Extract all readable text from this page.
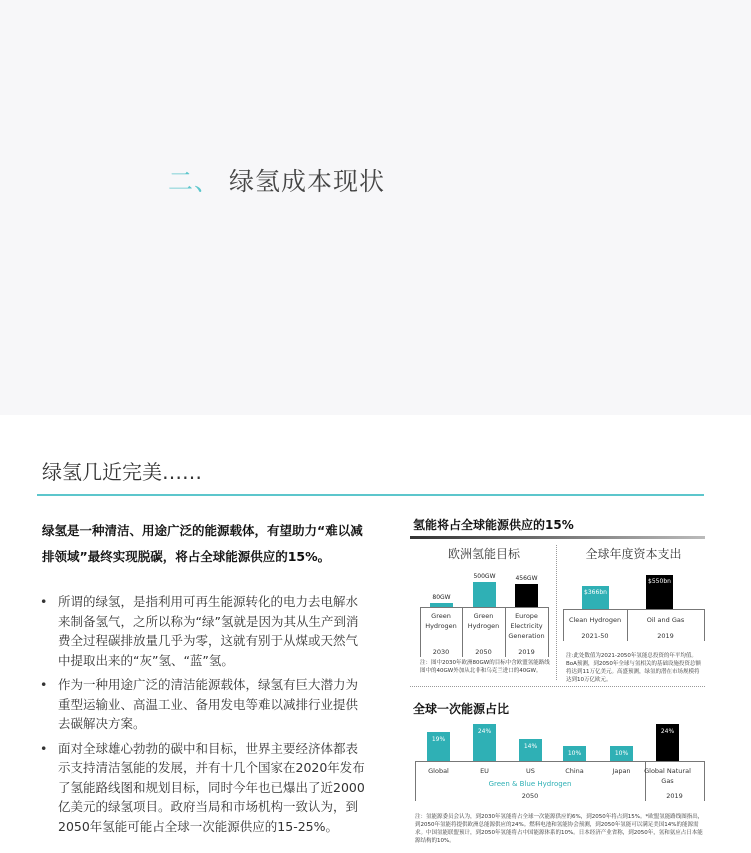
二、 绿氢成本现状
绿氢几近完美……
绿氢是一种清洁、用途广泛的能源载体，有望助力“难以减排领域”最终实现脱碳，将占全球能源供应的15%。
• 所谓的绿氢，是指利用可再生能源转化的电力去电解水来制备氢气，之所以称为“绿”氢就是因为其从生产到消费全过程碳排放量几乎为零，这就有别于从煤或天然气中提取出来的“灰”氢、“蓝”氢。
• 作为一种用途广泛的清洁能源载体，绿氢有巨大潜力为重型运输业、高温工业、备用发电等难以减排行业提供去碳解决方案。
• 面对全球雄心勃勃的碳中和目标，世界主要经济体都表示支持清洁氢能的发展，并有十几个国家在2020年发布了氢能路线图和规划目标，同时今年也已爆出了近2000亿美元的绿氢项目。政府当局和市场机构一致认为，到2050年氢能可能占全球一次能源供应的15-25%。
氢能将占全球能源供应的15%
欧洲氢能目标
注：图中2030年欧洲80GW的目标中含欧盟氢能路线图中的40GW外加从北非和乌克兰进口的40GW。
全球年度资本支出
注:此处数值为2021-2050年氢能总投资的年平均值。BoA预测，到2050年全球与氢相关的基础设施投资总额将达到11万亿美元。高盛预测，绿氢的潜在市场规模将达到10万亿欧元。
全球一次能源占比
Green & Blue Hydrogen
2050	2019
注：氢能源委员会认为，到2030年氢能将占全球一次能源供应的6%，到2050年将占到15%。*欧盟氢能路线图指出，到2050年氢能将提供欧洲总能源供应的24%。燃料电池和氢能协会预测，到2050年氢能可以满足美国14%的能源需求。中国氢能联盟预计，到2050年氢能将占中国能源体系的10%。日本经济产业省称，到2050年，氢和氨应占日本能源结构的10%。
80GW
Green Hydrogen
2030
500GW
Green Hydrogen
2050
456GW
Europe Electricity Generation
2019
$366bn
Clean Hydrogen
2021-50
$550bn
Oil and Gas
2019
19%
Global
24%
EU
14%
US
10%
China
10%
Japan
24%
Global Natural Gas
